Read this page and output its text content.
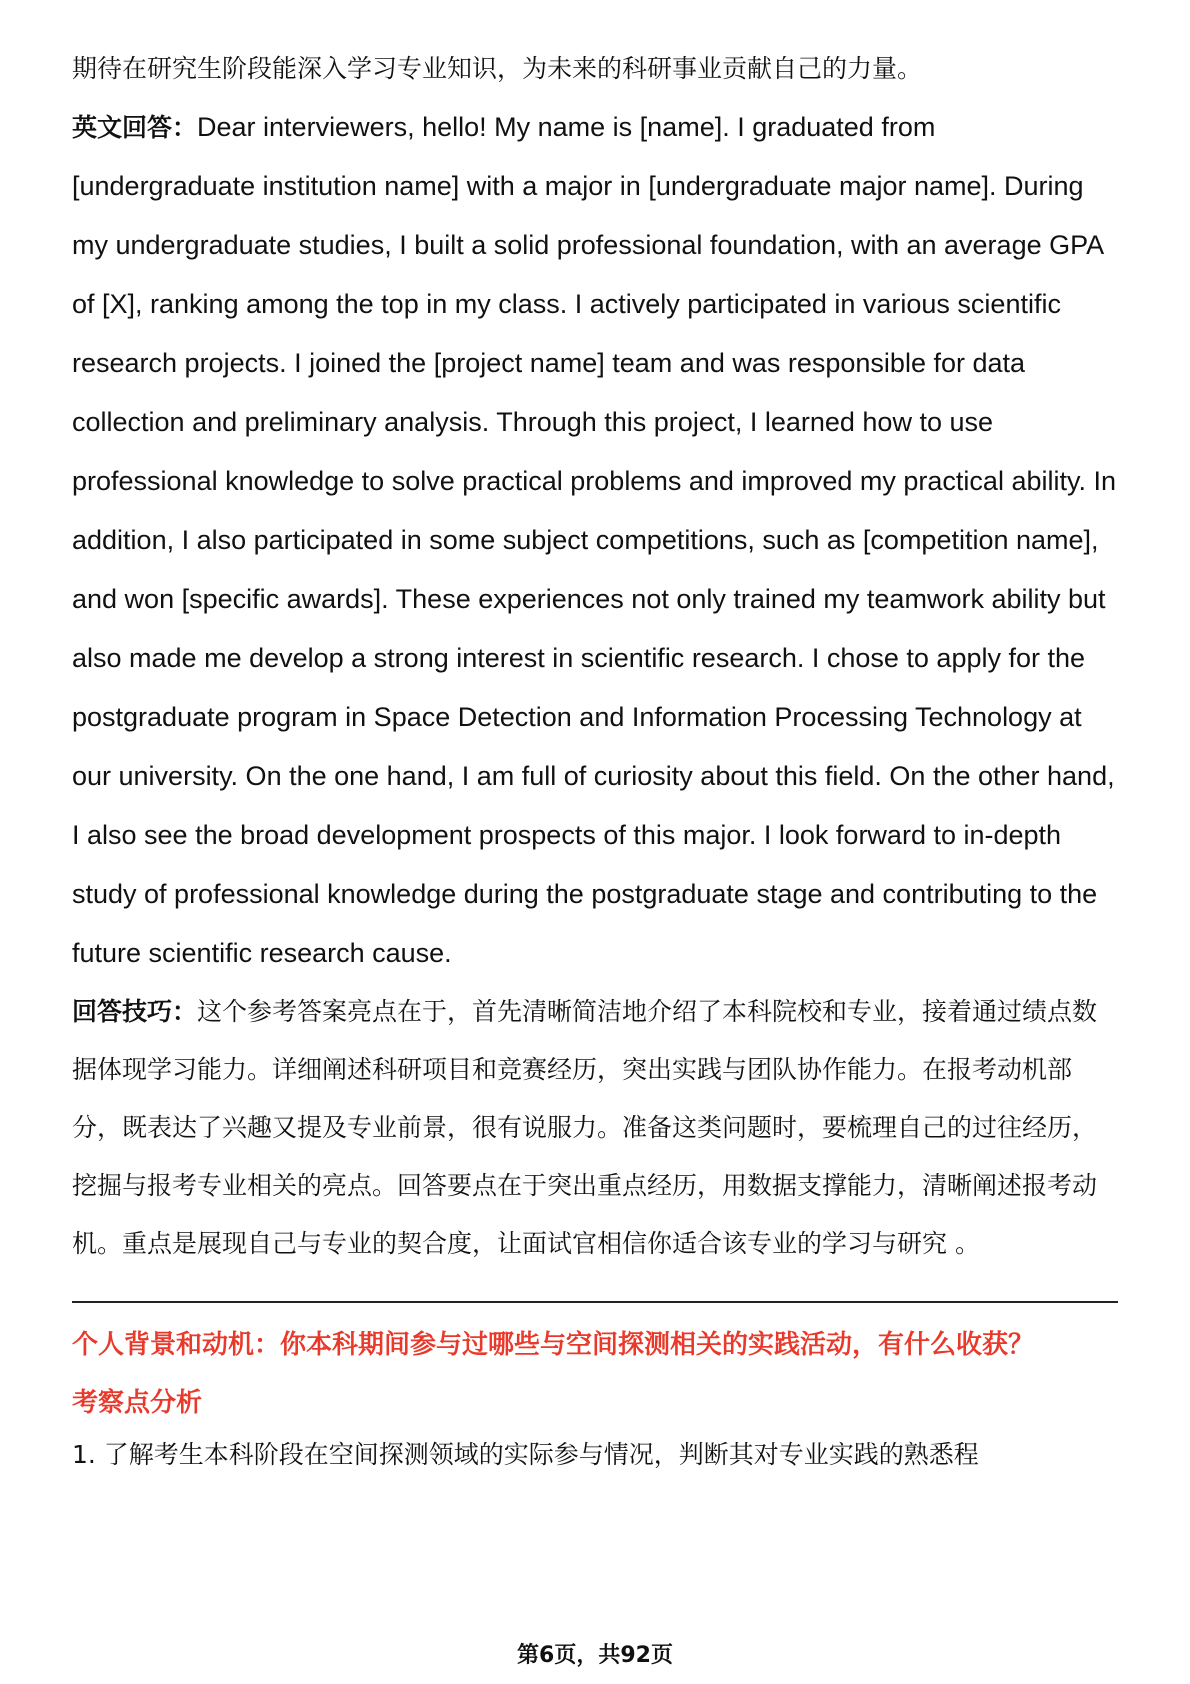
期待在研究生阶段能深入学习专业知识，为未来的科研事业贡献自己的力量。

英文回答：Dear interviewers, hello! My name is [name]. I graduated from [undergraduate institution name] with a major in [undergraduate major name]. During my undergraduate studies, I built a solid professional foundation, with an average GPA of [X], ranking among the top in my class. I actively participated in various scientific research projects. I joined the [project name] team and was responsible for data collection and preliminary analysis. Through this project, I learned how to use professional knowledge to solve practical problems and improved my practical ability. In addition, I also participated in some subject competitions, such as [competition name], and won [specific awards]. These experiences not only trained my teamwork ability but also made me develop a strong interest in scientific research. I chose to apply for the postgraduate program in Space Detection and Information Processing Technology at our university. On the one hand, I am full of curiosity about this field. On the other hand, I also see the broad development prospects of this major. I look forward to in-depth study of professional knowledge during the postgraduate stage and contributing to the future scientific research cause.

回答技巧：这个参考答案亮点在于，首先清晰简洁地介绍了本科院校和专业，接着通过绩点数据体现学习能力。详细阐述科研项目和竞赛经历，突出实践与团队协作能力。在报考动机部分，既表达了兴趣又提及专业前景，很有说服力。准备这类问题时，要梳理自己的过往经历，挖掘与报考专业相关的亮点。回答要点在于突出重点经历，用数据支撑能力，清晰阐述报考动机。重点是展现自己与专业的契合度，让面试官相信你适合该专业的学习与研究 。

个人背景和动机：你本科期间参与过哪些与空间探测相关的实践活动，有什么收获？

考察点分析

1. 了解考生本科阶段在空间探测领域的实际参与情况，判断其对专业实践的熟悉程

第6页，共92页
